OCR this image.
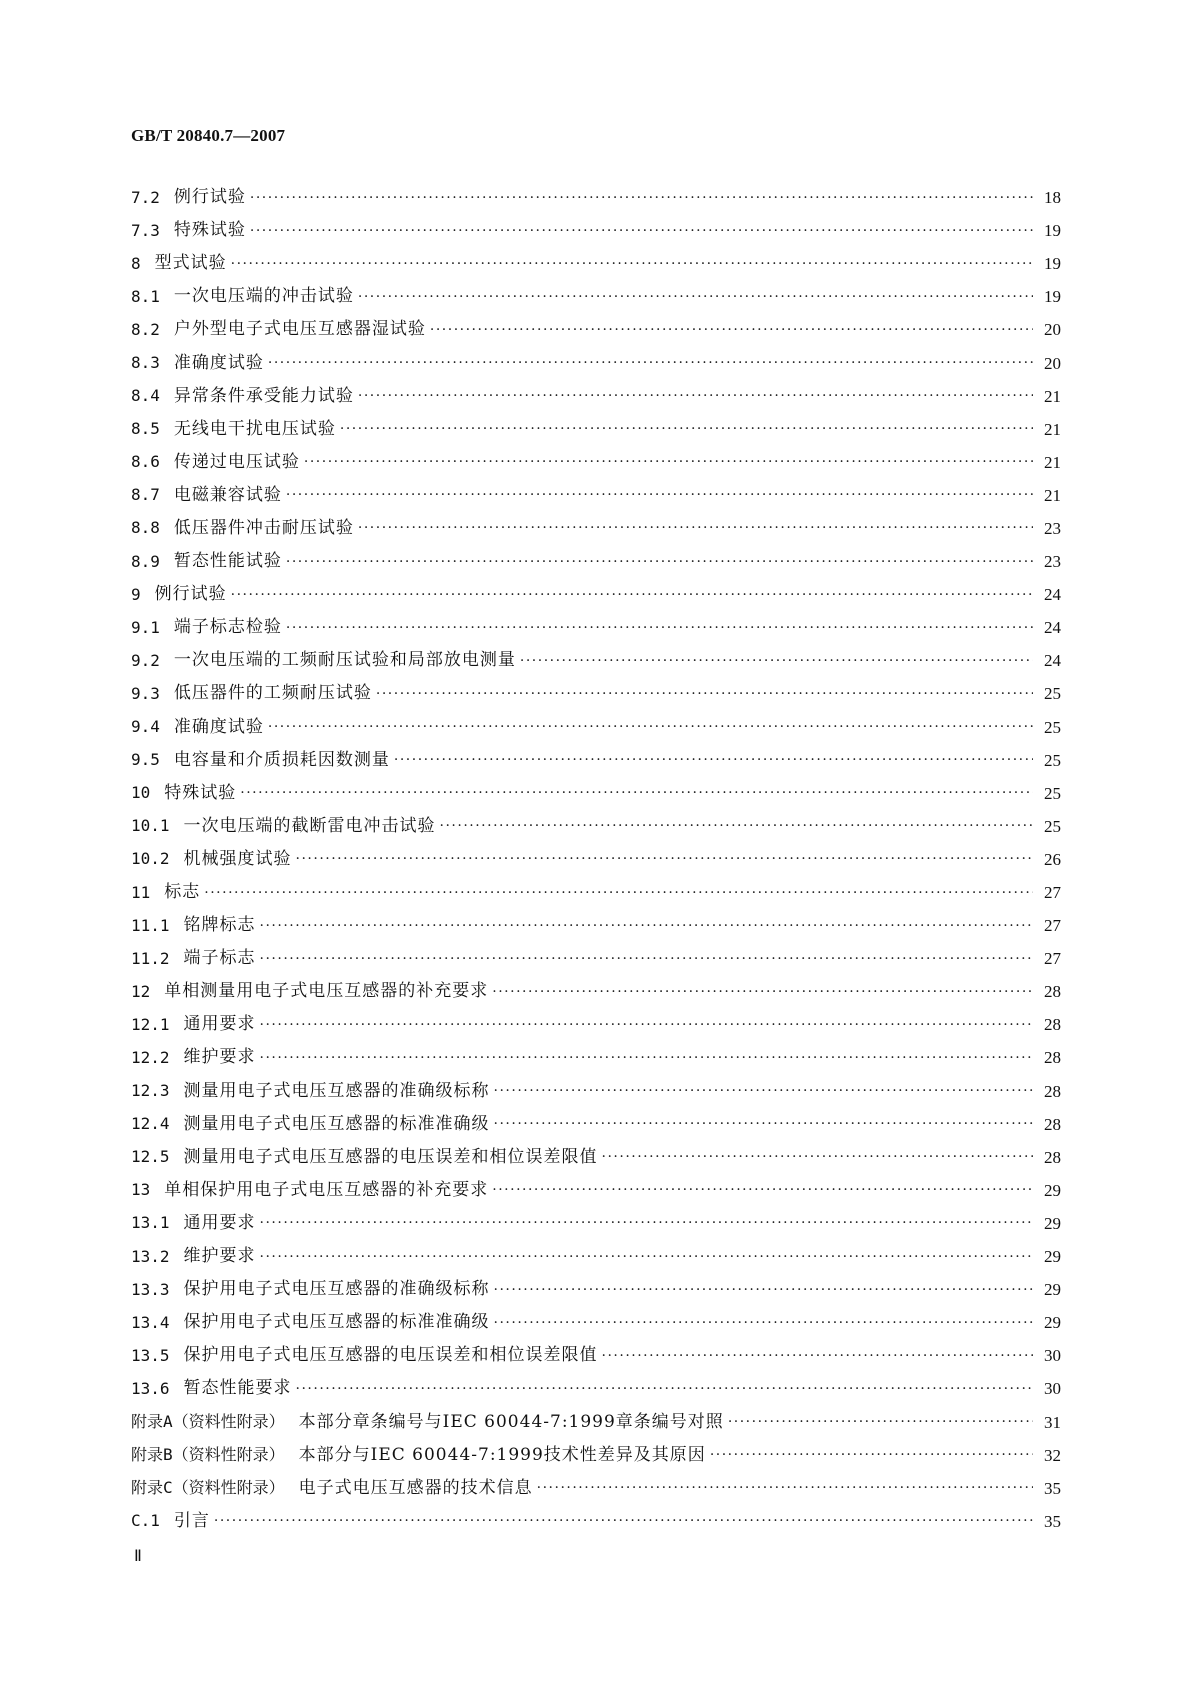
GB/T 20840.7—2007
7.2 例行试验 ·····	18
7.3 特殊试验 ·····	19
8 型式试验 ·····	19
8.1 一次电压端的冲击试验 ·····	19
8.2 户外型电子式电压互感器湿试验 ·····	20
8.3 准确度试验 ·····	20
8.4 异常条件承受能力试验 ·····	21
8.5 无线电干扰电压试验 ·····	21
8.6 传递过电压试验 ·····	21
8.7 电磁兼容试验 ·····	21
8.8 低压器件冲击耐压试验 ·····	23
8.9 暂态性能试验 ·····	23
9 例行试验 ·····	24
9.1 端子标志检验 ·····	24
9.2 一次电压端的工频耐压试验和局部放电测量 ·····	24
9.3 低压器件的工频耐压试验 ·····	25
9.4 准确度试验 ·····	25
9.5 电容量和介质损耗因数测量 ·····	25
10 特殊试验 ·····	25
10.1 一次电压端的截断雷电冲击试验 ·····	25
10.2 机械强度试验 ·····	26
11 标志 ·····	27
11.1 铭牌标志 ·····	27
11.2 端子标志 ·····	27
12 单相测量用电子式电压互感器的补充要求 ·····	28
12.1 通用要求 ·····	28
12.2 维护要求 ·····	28
12.3 测量用电子式电压互感器的准确级标称 ·····	28
12.4 测量用电子式电压互感器的标准准确级 ·····	28
12.5 测量用电子式电压互感器的电压误差和相位误差限值 ·····	28
13 单相保护用电子式电压互感器的补充要求 ·····	29
13.1 通用要求 ·····	29
13.2 维护要求 ·····	29
13.3 保护用电子式电压互感器的准确级标称 ·····	29
13.4 保护用电子式电压互感器的标准准确级 ·····	29
13.5 保护用电子式电压互感器的电压误差和相位误差限值 ·····	30
13.6 暂态性能要求 ·····	30
附录A（资料性附录） 本部分章条编号与IEC 60044-7:1999章条编号对照 ·····	31
附录B（资料性附录） 本部分与IEC 60044-7:1999技术性差异及其原因 ·····	32
附录C（资料性附录） 电子式电压互感器的技术信息 ·····	35
C.1 引言 ·····	35
Ⅱ
